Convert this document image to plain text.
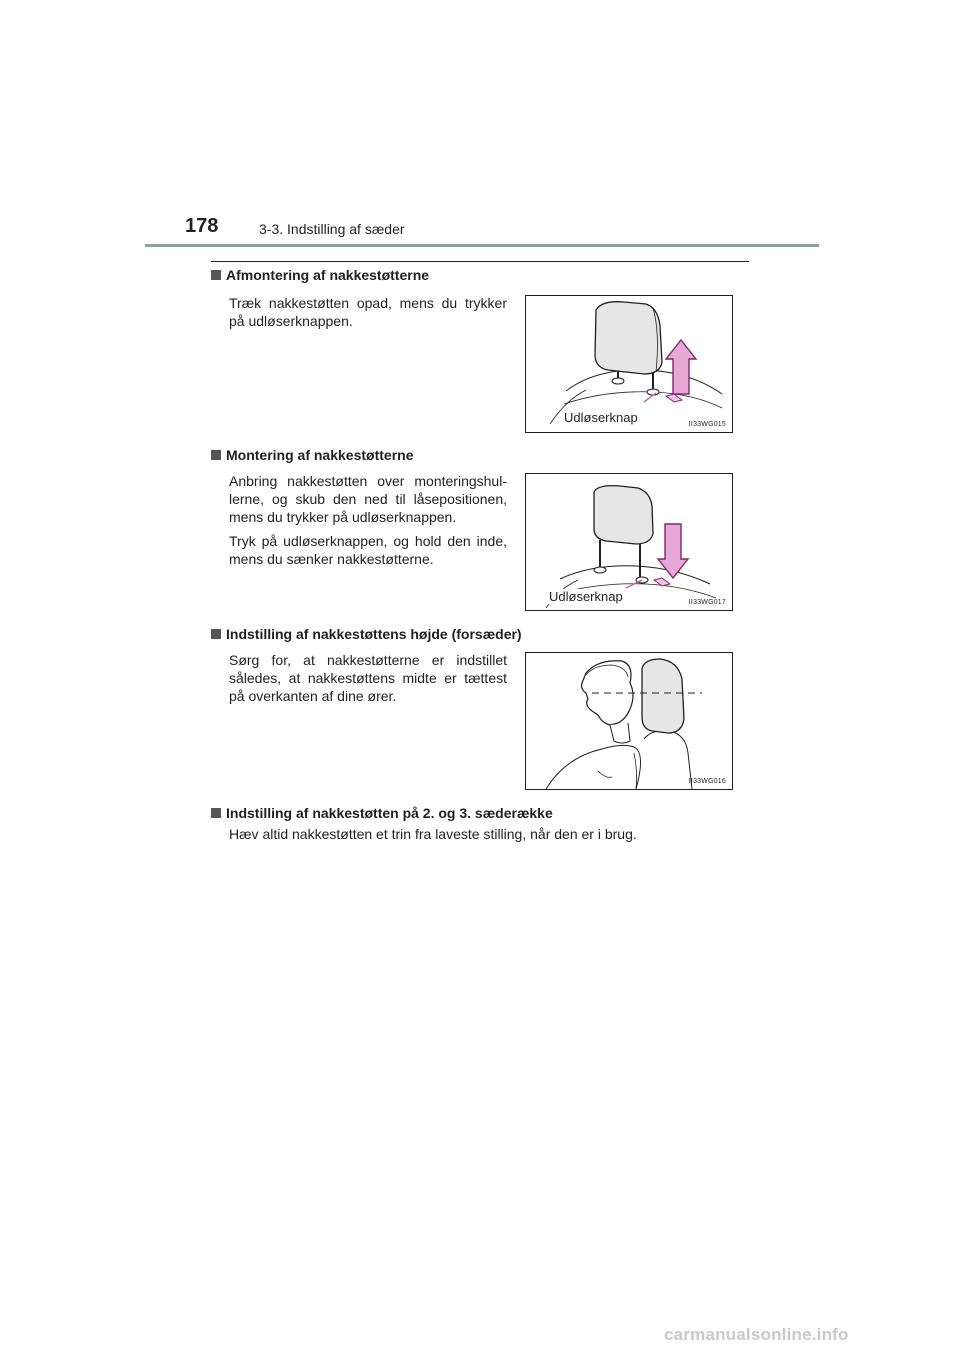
178	3-3. Indstilling af sæder
Afmontering af nakkestøtterne
Træk nakkestøtten opad, mens du trykker på udløserknappen.
Udløserknap	II33WG015
Montering af nakkestøtterne
Anbring nakkestøtten over monteringshul-lerne, og skub den ned til låsepositionen, mens du trykker på udløserknappen.
Tryk på udløserknappen, og hold den inde, mens du sænker nakkestøtterne.
Udløserknap	II33WG017
Indstilling af nakkestøttens højde (forsæder)
Sørg for, at nakkestøtterne er indstillet således, at nakkestøttens midte er tættest på overkanten af dine ører.
II33WG016
Indstilling af nakkestøtten på 2. og 3. sæderække
Hæv altid nakkestøtten et trin fra laveste stilling, når den er i brug.
carmanualsonline.info
